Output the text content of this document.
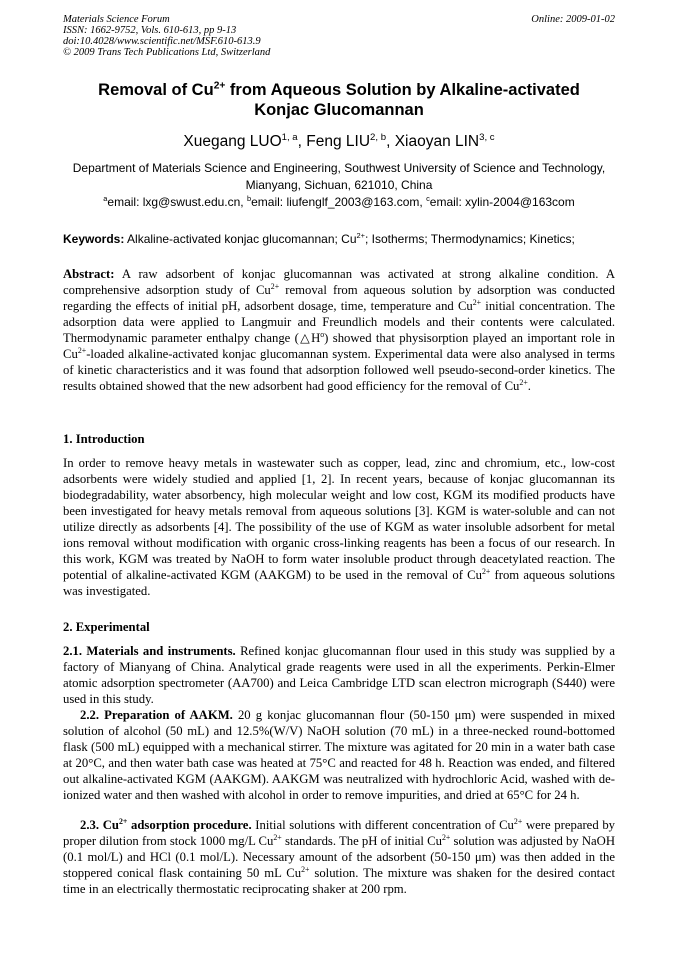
Materials Science Forum
ISSN: 1662-9752, Vols. 610-613, pp 9-13
doi:10.4028/www.scientific.net/MSF.610-613.9
© 2009 Trans Tech Publications Ltd, Switzerland
Online: 2009-01-02
Removal of $Cu^{2+}$ from Aqueous Solution by Alkaline-activated
Konjac Glucomannan
Xuegang LUO$^{1, a}$, Feng LIU$^{2, b}$, Xiaoyan LIN$^{3, c}$
Department of Materials Science and Engineering, Southwest University of Science and Technology,
Mianyang, Sichuan, 621010, China
$^a$email: lxg@swust.edu.cn, $^b$email: liufenglf_2003@163.com, $^c$email: xylin-2004@163com
Keywords: Alkaline-activated konjac glucomannan; $Cu^{2+}$; Isotherms; Thermodynamics; Kinetics;
Abstract: A raw adsorbent of konjac glucomannan was activated at strong alkaline condition. A comprehensive adsorption study of $Cu^{2+}$ removal from aqueous solution by adsorption was conducted regarding the effects of initial pH, adsorbent dosage, time, temperature and $Cu^{2+}$ initial concentration. The adsorption data were applied to Langmuir and Freundlich models and their contents were calculated. Thermodynamic parameter enthalpy change $(\triangle H^o)$ showed that physisorption played an important role in $Cu^{2+}$-loaded alkaline-activated konjac glucomannan system. Experimental data were also analysed in terms of kinetic characteristics and it was found that adsorption followed well pseudo-second-order kinetics. The results obtained showed that the new adsorbent had good efficiency for the removal of $Cu^{2+}$.
1. Introduction
In order to remove heavy metals in wastewater such as copper, lead, zinc and chromium, etc., low-cost adsorbents were widely studied and applied [1, 2]. In recent years, because of konjac glucomannan its biodegradability, water absorbency, high molecular weight and low cost, KGM its modified products have been investigated for heavy metals removal from aqueous solutions [3]. KGM is water-soluble and can not utilize directly as adsorbents [4]. The possibility of the use of KGM as water insoluble adsorbent for metal ions removal without modification with organic cross-linking reagents has been a focus of our research. In this work, KGM was treated by NaOH to form water insoluble product through deacetylated reaction. The potential of alkaline-activated KGM (AAKGM) to be used in the removal of $Cu^{2+}$ from aqueous solutions was investigated.
2. Experimental
2.1. Materials and instruments. Refined konjac glucomannan flour used in this study was supplied by a factory of Mianyang of China. Analytical grade reagents were used in all the experiments. Perkin-Elmer atomic adsorption spectrometer (AA700) and Leica Cambridge LTD scan electron micrograph (S440) were used in this study.
2.2. Preparation of AAKM. 20 g konjac glucomannan flour (50-150 μm) were suspended in mixed solution of alcohol (50 mL) and 12.5%(W/V) NaOH solution (70 mL) in a three-necked round-bottomed flask (500 mL) equipped with a mechanical stirrer. The mixture was agitated for 20 min in a water bath case at 20°C, and then water bath case was heated at 75°C and reacted for 48 h. Reaction was ended, and filtered out alkaline-activated KGM (AAKGM). AAKGM was neutralized with hydrochloric Acid, washed with de-ionized water and then washed with alcohol in order to remove impurities, and dried at 65°C for 24 h.
2.3. $Cu^{2+}$ adsorption procedure. Initial solutions with different concentration of $Cu^{2+}$ were prepared by proper dilution from stock 1000 mg/L $Cu^{2+}$ standards. The pH of initial $Cu^{2+}$ solution was adjusted by NaOH (0.1 mol/L) and HCl (0.1 mol/L). Necessary amount of the adsorbent (50-150 μm) was then added in the stoppered conical flask containing 50 mL $Cu^{2+}$ solution. The mixture was shaken for the desired contact time in an electrically thermostatic reciprocating shaker at 200 rpm.
